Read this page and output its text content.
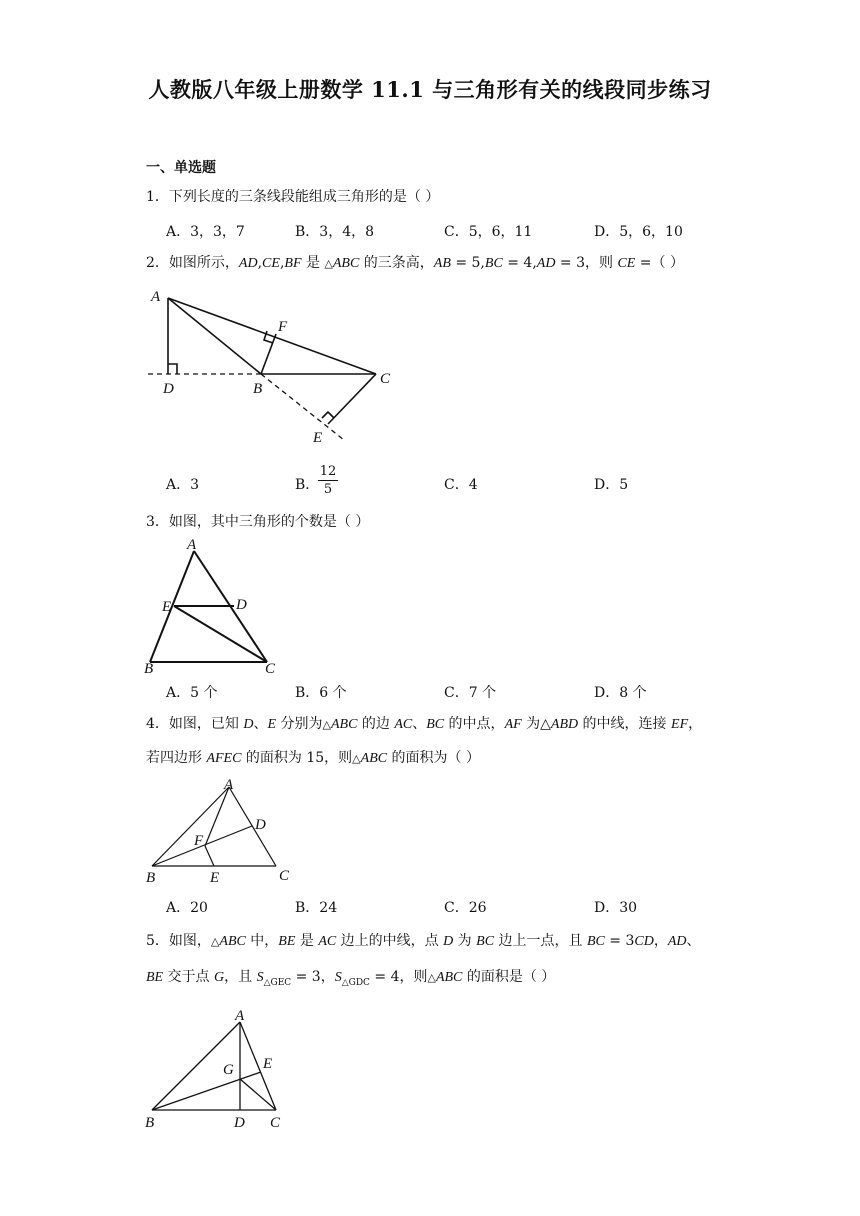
人教版八年级上册数学 11.1 与三角形有关的线段同步练习
一、单选题
1．下列长度的三条线段能组成三角形的是（ ）
A．3，3，7	B．3，4，8	C．5，6，11	D．5，6，10
2．如图所示，AD,CE,BF 是 △ABC 的三条高，AB = 5,BC = 4,AD = 3，则 CE =（ ）
A
F
C
D	B
E
A．3	B．
$\frac{12}{5}$	C．4	D．5
3．如图，其中三角形的个数是（ ）
A
E	D
B	C
A．5 个	B．6 个	C．7 个	D．8 个
4．如图，已知 D、E 分别为△ABC 的边 AC、BC 的中点，AF 为△ABD 的中线，连接 EF，
若四边形 AFEC 的面积为 15，则△ABC 的面积为（ ）
A
D
F
B	E	C
A．20	B．24	C．26	D．30
5．如图，△ABC 中，BE 是 AC 边上的中线，点 D 为 BC 边上一点，且 BC = 3CD，AD、
BE 交于点 G，且 $S_{\triangle GEC} = 3$，$S_{\triangle GDC} = 4$，则△ABC 的面积是（ ）
A
G E
B	D C
